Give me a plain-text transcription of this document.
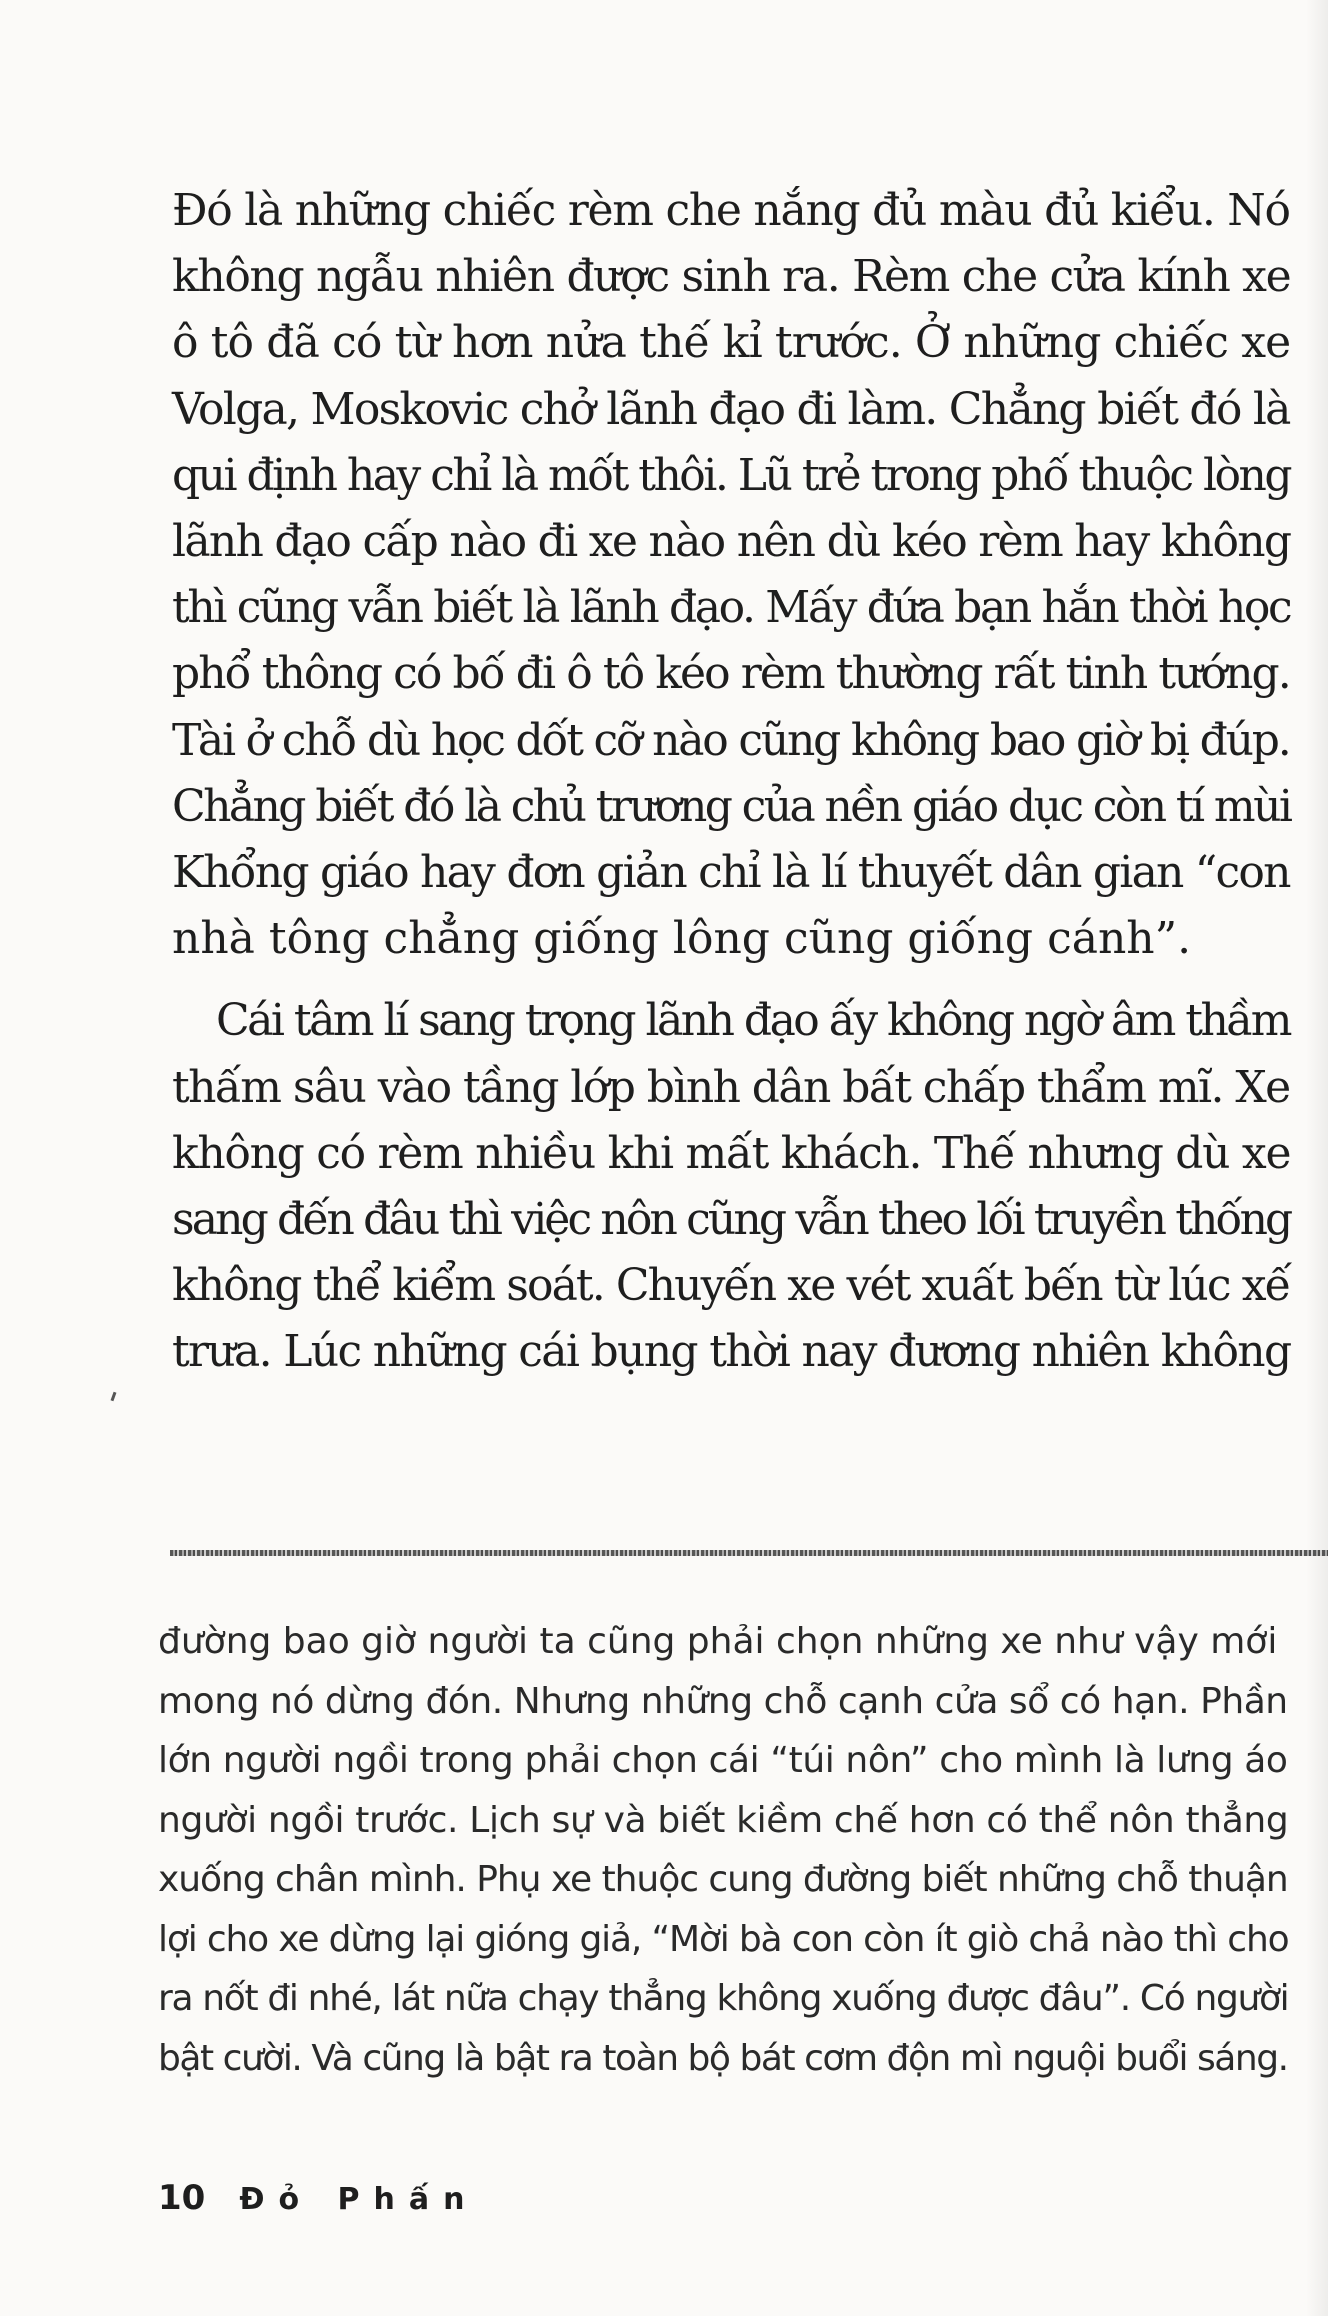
Đó là những chiếc rèm che nắng đủ màu đủ kiểu. Nó
không ngẫu nhiên được sinh ra. Rèm che cửa kính xe
ô tô đã có từ hơn nửa thế kỉ trước. Ở những chiếc xe
Volga, Moskovic chở lãnh đạo đi làm. Chẳng biết đó là
qui định hay chỉ là mốt thôi. Lũ trẻ trong phố thuộc lòng
lãnh đạo cấp nào đi xe nào nên dù kéo rèm hay không
thì cũng vẫn biết là lãnh đạo. Mấy đứa bạn hắn thời học
phổ thông có bố đi ô tô kéo rèm thường rất tinh tướng.
Tài ở chỗ dù học dốt cỡ nào cũng không bao giờ bị đúp.
Chẳng biết đó là chủ trương của nền giáo dục còn tí mùi
Khổng giáo hay đơn giản chỉ là lí thuyết dân gian “con
nhà tông chẳng giống lông cũng giống cánh”.

Cái tâm lí sang trọng lãnh đạo ấy không ngờ âm thầm
thấm sâu vào tầng lớp bình dân bất chấp thẩm mĩ. Xe
không có rèm nhiều khi mất khách. Thế nhưng dù xe
sang đến đâu thì việc nôn cũng vẫn theo lối truyền thống
không thể kiểm soát. Chuyến xe vét xuất bến từ lúc xế
trưa. Lúc những cái bụng thời nay đương nhiên không

đường bao giờ người ta cũng phải chọn những xe như vậy mới
mong nó dừng đón. Nhưng những chỗ cạnh cửa sổ có hạn. Phần
lớn người ngồi trong phải chọn cái “túi nôn” cho mình là lưng áo
người ngồi trước. Lịch sự và biết kiềm chế hơn có thể nôn thẳng
xuống chân mình. Phụ xe thuộc cung đường biết những chỗ thuận
lợi cho xe dừng lại gióng giả, “Mời bà con còn ít giò chả nào thì cho
ra nốt đi nhé, lát nữa chạy thẳng không xuống được đâu”. Có người
bật cười. Và cũng là bật ra toàn bộ bát cơm độn mì nguội buổi sáng.

10 Đỏ Phấn
